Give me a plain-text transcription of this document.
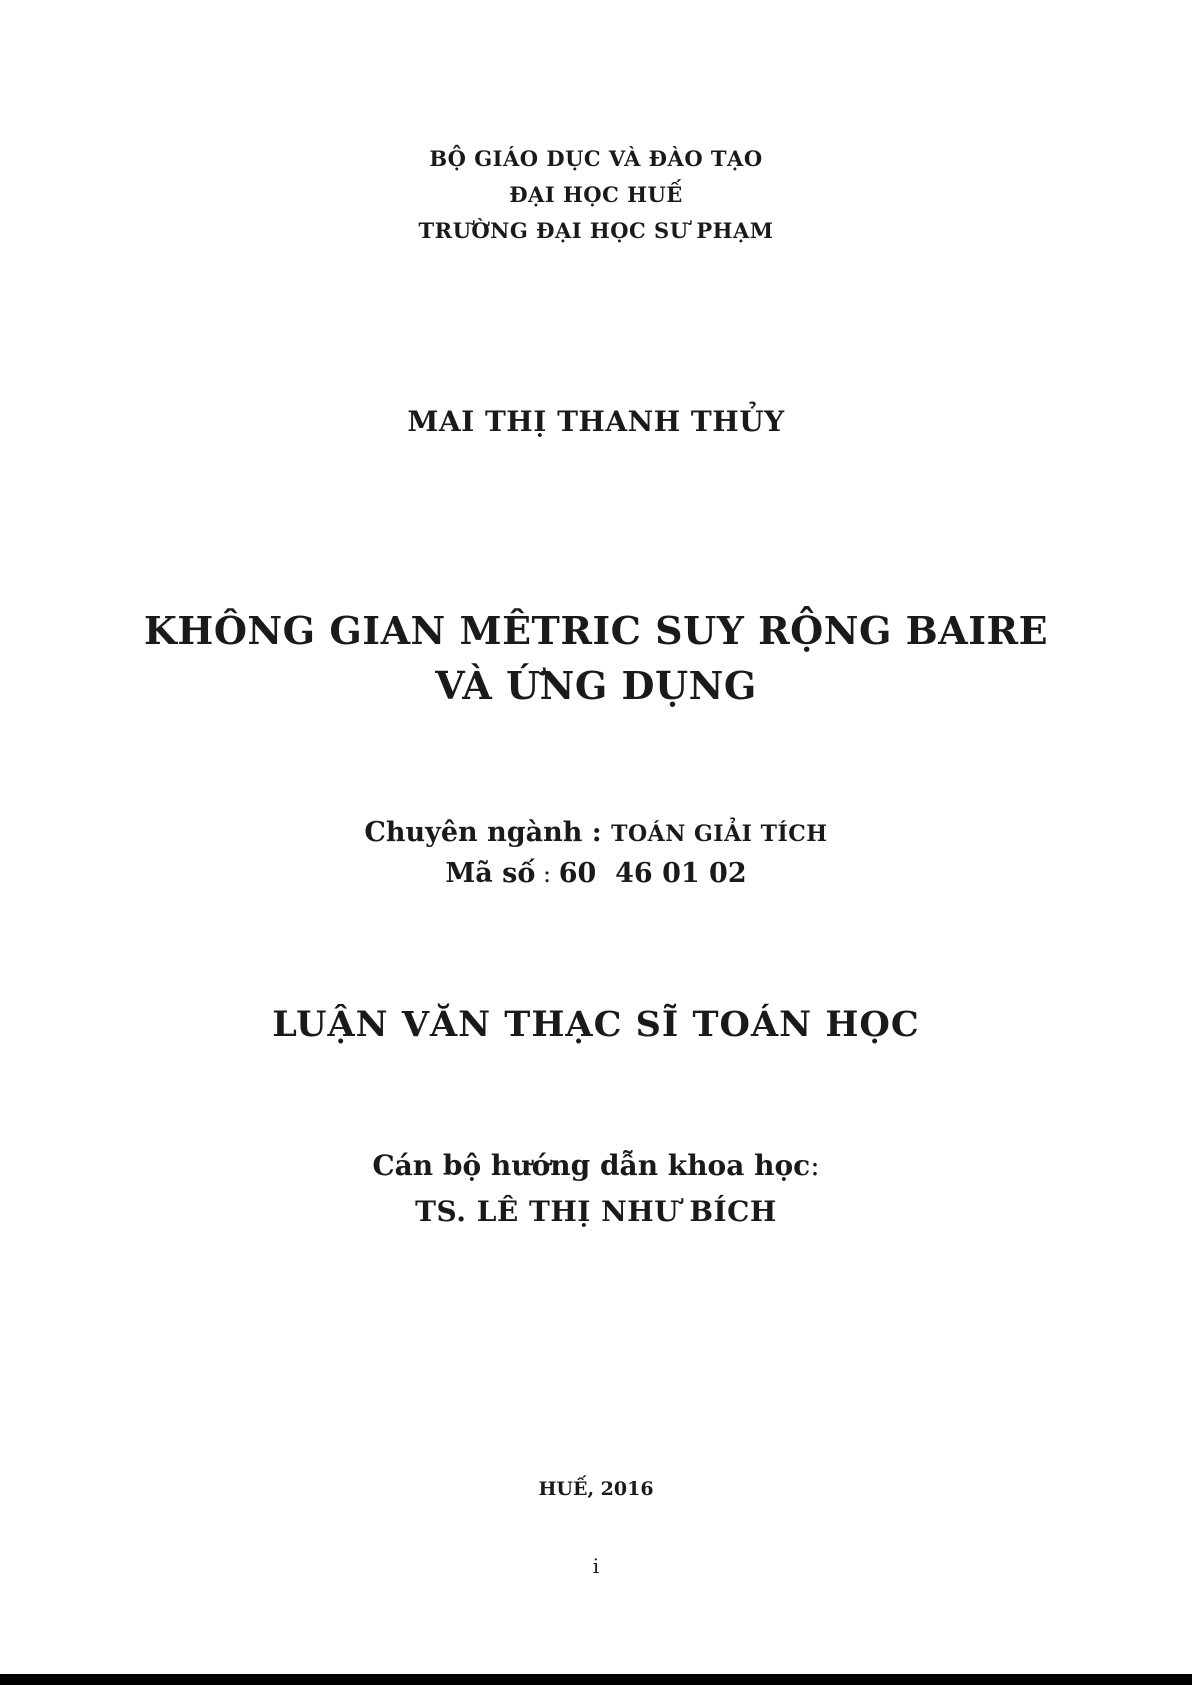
BỘ GIÁO DỤC VÀ ĐÀO TẠO
ĐẠI HỌC HUẾ
TRƯỜNG ĐẠI HỌC SƯ PHẠM
MAI THỊ THANH THỦY
KHÔNG GIAN MÊTRIC SUY RỘNG BAIRE
VÀ ỨNG DỤNG
Chuyên ngành : TOÁN GIẢI TÍCH
Mã số : 60  46 01 02
LUẬN VĂN THẠC SĨ TOÁN HỌC
Cán bộ hướng dẫn khoa học:
TS. LÊ THỊ NHƯ BÍCH
HUẾ, 2016
i
